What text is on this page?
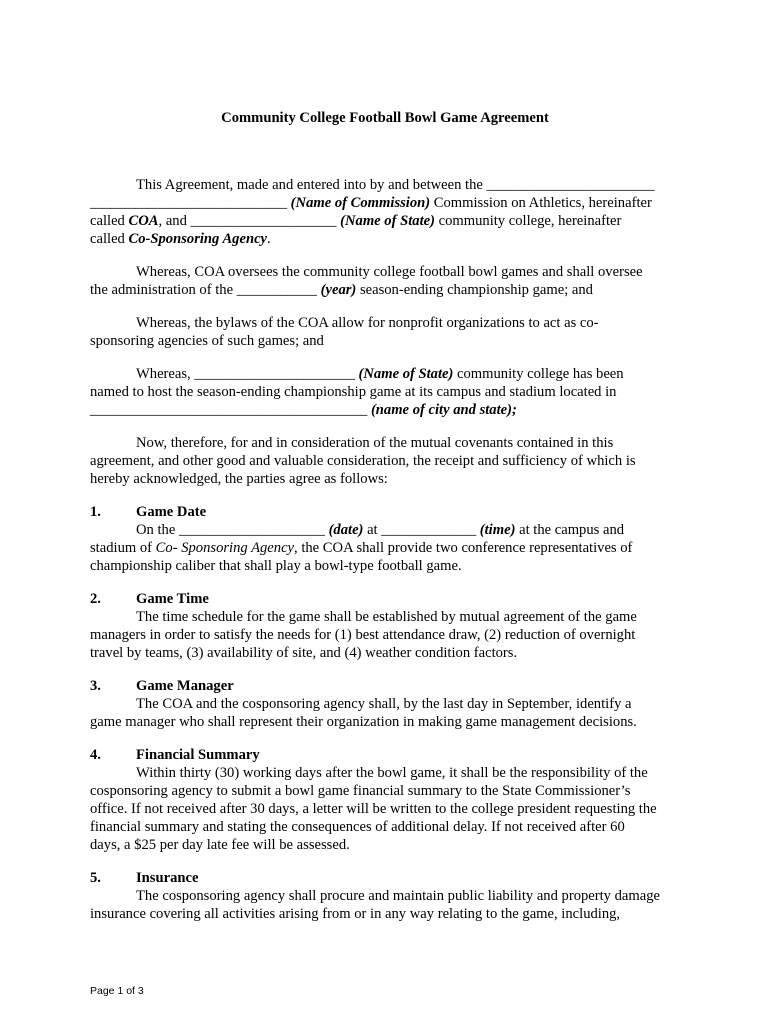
Community College Football Bowl Game Agreement
This Agreement, made and entered into by and between the _______________________
___________________________ (Name of Commission) Commission on Athletics, hereinafter
called COA, and ____________________ (Name of State) community college, hereinafter
called Co-Sponsoring Agency.
Whereas, COA oversees the community college football bowl games and shall oversee
the administration of the ___________ (year) season-ending championship game; and
Whereas, the bylaws of the COA allow for nonprofit organizations to act as co-
sponsoring agencies of such games; and
Whereas, ______________________ (Name of State) community college has been
named to host the season-ending championship game at its campus and stadium located in
______________________________________ (name of city and state);
Now, therefore, for and in consideration of the mutual covenants contained in this
agreement, and other good and valuable consideration, the receipt and sufficiency of which is
hereby acknowledged, the parties agree as follows:
1. Game Date
On the ____________________ (date) at _____________ (time) at the campus and
stadium of Co- Sponsoring Agency, the COA shall provide two conference representatives of
championship caliber that shall play a bowl-type football game.
2. Game Time
The time schedule for the game shall be established by mutual agreement of the game
managers in order to satisfy the needs for (1) best attendance draw, (2) reduction of overnight
travel by teams, (3) availability of site, and (4) weather condition factors.
3. Game Manager
The COA and the cosponsoring agency shall, by the last day in September, identify a
game manager who shall represent their organization in making game management decisions.
4. Financial Summary
Within thirty (30) working days after the bowl game, it shall be the responsibility of the
cosponsoring agency to submit a bowl game financial summary to the State Commissioner’s
office. If not received after 30 days, a letter will be written to the college president requesting the
financial summary and stating the consequences of additional delay. If not received after 60
days, a $25 per day late fee will be assessed.
5. Insurance
The cosponsoring agency shall procure and maintain public liability and property damage
insurance covering all activities arising from or in any way relating to the game, including,
Page 1 of 3
